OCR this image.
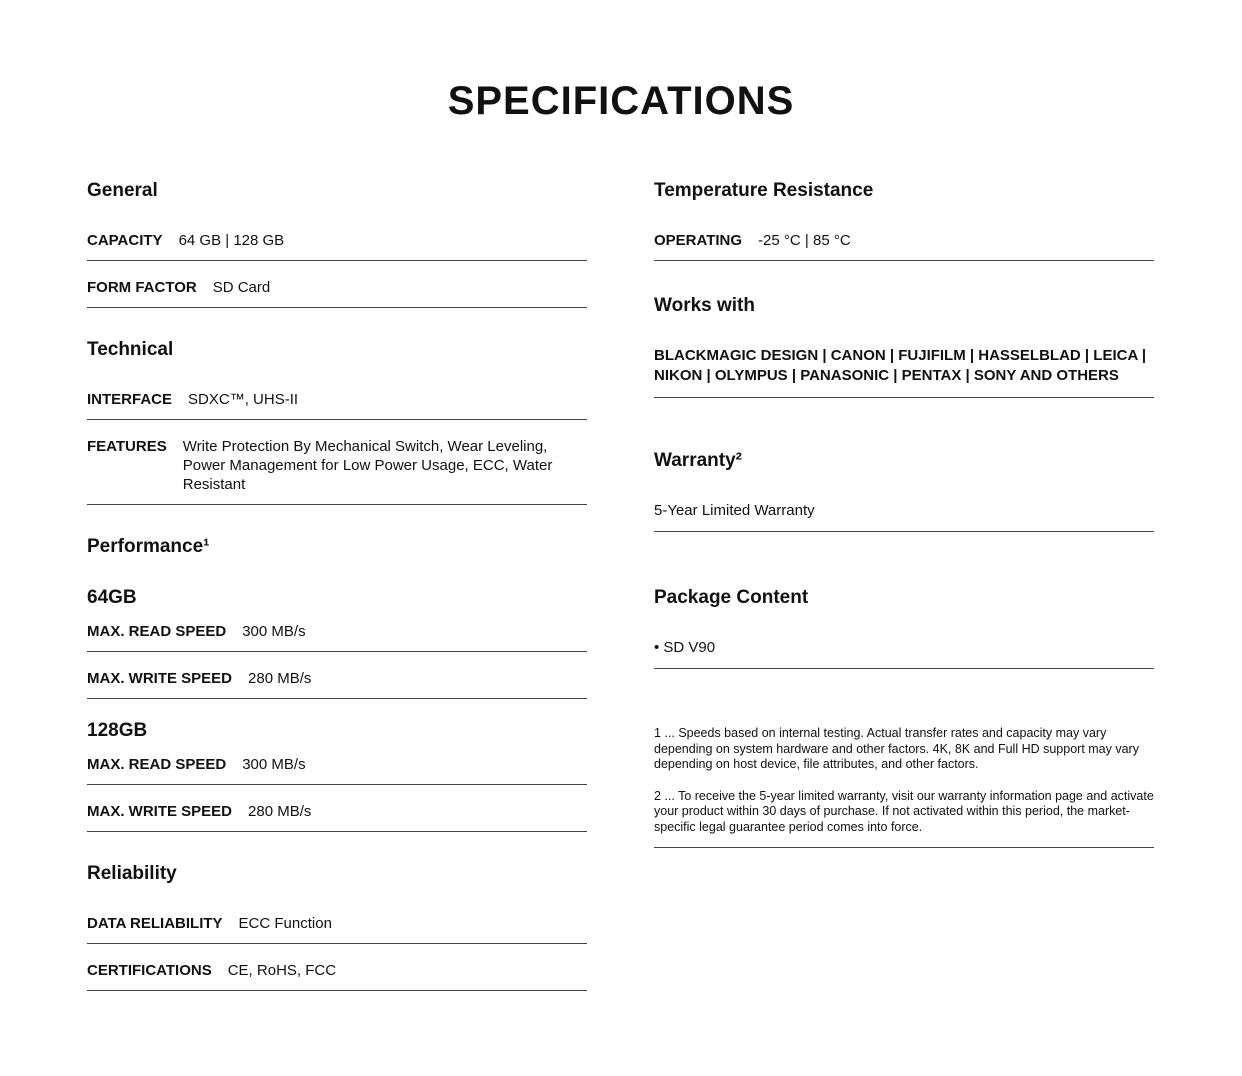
SPECIFICATIONS
General
CAPACITY 64 GB | 128 GB
FORM FACTOR SD Card
Technical
INTERFACE SDXC™, UHS-II
FEATURES Write Protection By Mechanical Switch, Wear Leveling, Power Management for Low Power Usage, ECC, Water Resistant
Performance¹
64GB
MAX. READ SPEED 300 MB/s
MAX. WRITE SPEED 280 MB/s
128GB
MAX. READ SPEED 300 MB/s
MAX. WRITE SPEED 280 MB/s
Reliability
DATA RELIABILITY ECC Function
CERTIFICATIONS CE, RoHS, FCC
Temperature Resistance
OPERATING -25 °C | 85 °C
Works with

BLACKMAGIC DESIGN | CANON | FUJIFILM | HASSELBLAD | LEICA | NIKON | OLYMPUS | PANASONIC | PENTAX | SONY AND OTHERS

Warranty²

5-Year Limited Warranty

Package Content

• SD V90

1 ... Speeds based on internal testing. Actual transfer rates and capacity may vary depending on system hardware and other factors. 4K, 8K and Full HD support may vary depending on host device, file attributes, and other factors.

2 ... To receive the 5-year limited warranty, visit our warranty information page and activate your product within 30 days of purchase. If not activated within this period, the market-specific legal guarantee period comes into force.
